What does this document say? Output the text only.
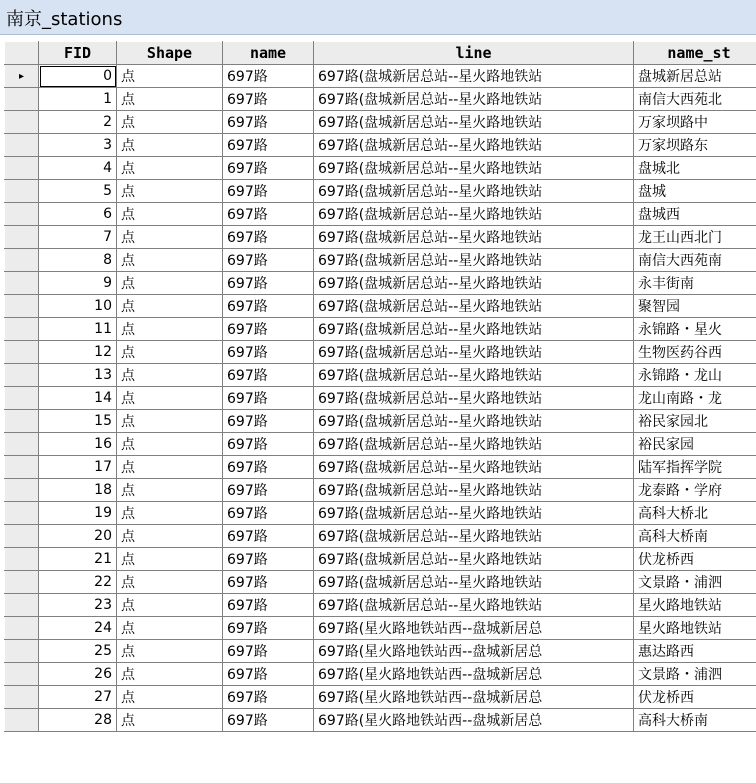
南京_stations
	FID	Shape	name	line	name_st
▸	0	点	697路	697路(盘城新居总站--星火路地铁站	盘城新居总站
	1	点	697路	697路(盘城新居总站--星火路地铁站	南信大西苑北
	2	点	697路	697路(盘城新居总站--星火路地铁站	万家坝路中
	3	点	697路	697路(盘城新居总站--星火路地铁站	万家坝路东
	4	点	697路	697路(盘城新居总站--星火路地铁站	盘城北
	5	点	697路	697路(盘城新居总站--星火路地铁站	盘城
	6	点	697路	697路(盘城新居总站--星火路地铁站	盘城西
	7	点	697路	697路(盘城新居总站--星火路地铁站	龙王山西北门
	8	点	697路	697路(盘城新居总站--星火路地铁站	南信大西苑南
	9	点	697路	697路(盘城新居总站--星火路地铁站	永丰街南
	10	点	697路	697路(盘城新居总站--星火路地铁站	聚智园
	11	点	697路	697路(盘城新居总站--星火路地铁站	永锦路・星火
	12	点	697路	697路(盘城新居总站--星火路地铁站	生物医药谷西
	13	点	697路	697路(盘城新居总站--星火路地铁站	永锦路・龙山
	14	点	697路	697路(盘城新居总站--星火路地铁站	龙山南路・龙
	15	点	697路	697路(盘城新居总站--星火路地铁站	裕民家园北
	16	点	697路	697路(盘城新居总站--星火路地铁站	裕民家园
	17	点	697路	697路(盘城新居总站--星火路地铁站	陆军指挥学院
	18	点	697路	697路(盘城新居总站--星火路地铁站	龙泰路・学府
	19	点	697路	697路(盘城新居总站--星火路地铁站	高科大桥北
	20	点	697路	697路(盘城新居总站--星火路地铁站	高科大桥南
	21	点	697路	697路(盘城新居总站--星火路地铁站	伏龙桥西
	22	点	697路	697路(盘城新居总站--星火路地铁站	文景路・浦泗
	23	点	697路	697路(盘城新居总站--星火路地铁站	星火路地铁站
	24	点	697路	697路(星火路地铁站西--盘城新居总	星火路地铁站
	25	点	697路	697路(星火路地铁站西--盘城新居总	惠达路西
	26	点	697路	697路(星火路地铁站西--盘城新居总	文景路・浦泗
	27	点	697路	697路(星火路地铁站西--盘城新居总	伏龙桥西
	28	点	697路	697路(星火路地铁站西--盘城新居总	高科大桥南
